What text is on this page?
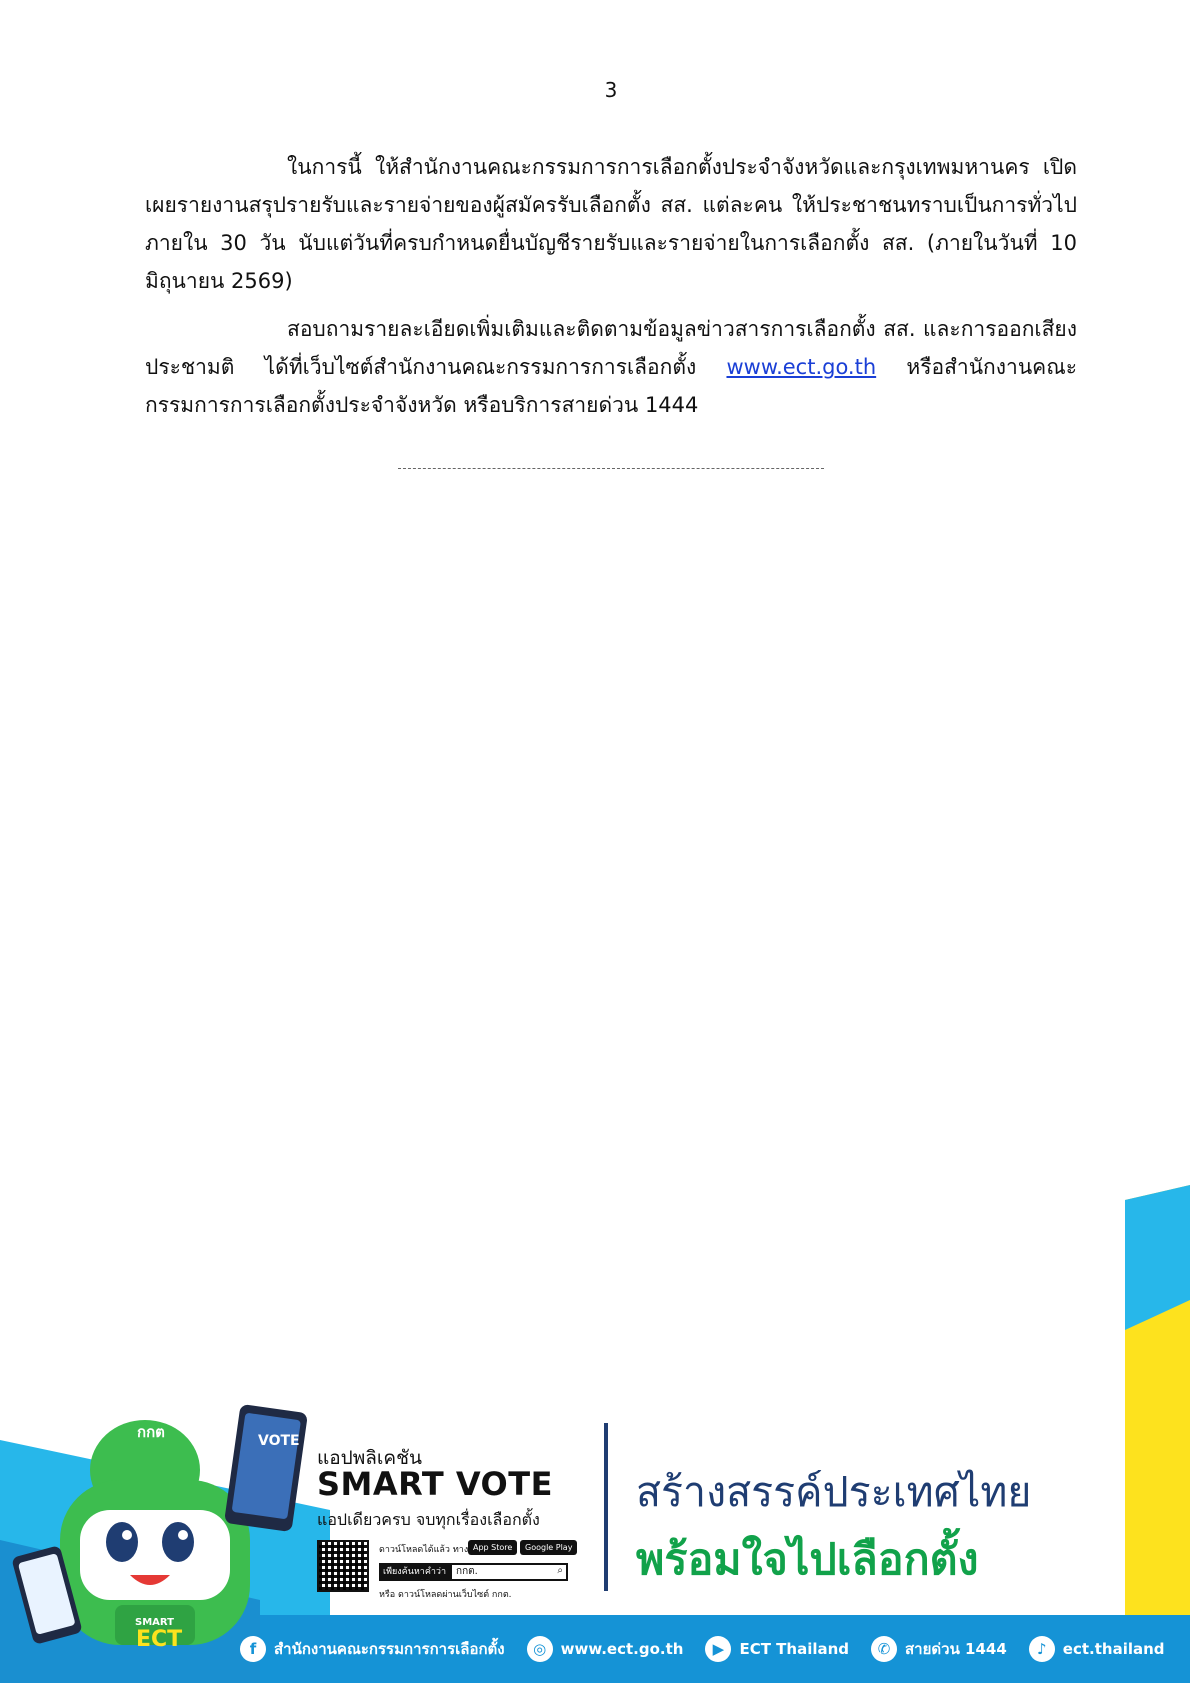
3

ในการนี้ ให้สำนักงานคณะกรรมการการเลือกตั้งประจำจังหวัดและกรุงเทพมหานคร เปิดเผยรายงานสรุปรายรับและรายจ่ายของผู้สมัครรับเลือกตั้ง สส. แต่ละคน ให้ประชาชนทราบเป็นการทั่วไป ภายใน 30 วัน นับแต่วันที่ครบกำหนดยื่นบัญชีรายรับและรายจ่ายในการเลือกตั้ง สส. (ภายในวันที่ 10 มิถุนายน 2569)

สอบถามรายละเอียดเพิ่มเติมและติดตามข้อมูลข่าวสารการเลือกตั้ง สส. และการออกเสียงประชามติ ได้ที่เว็บไซต์สำนักงานคณะกรรมการการเลือกตั้ง www.ect.go.th หรือสำนักงานคณะกรรมการการเลือกตั้งประจำจังหวัด หรือบริการสายด่วน 1444

กกต	VOTE
SMART
ECT
แอปพลิเคชัน
SMART VOTE
แอปเดียวครบ จบทุกเรื่องเลือกตั้ง
ดาวน์โหลดได้แล้ว ทาง App Store	Google Play
เพียงค้นหาคำว่า	กกต.	⌕
หรือ ดาวน์โหลดผ่านเว็บไซต์ กกต.
สร้างสรรค์ประเทศไทย
พร้อมใจไปเลือกตั้ง
f	สำนักงานคณะกรรมการการเลือกตั้ง	◎ www.ect.go.th	▶	ECT Thailand	✆ สายด่วน 1444	♪	ect.thailand
